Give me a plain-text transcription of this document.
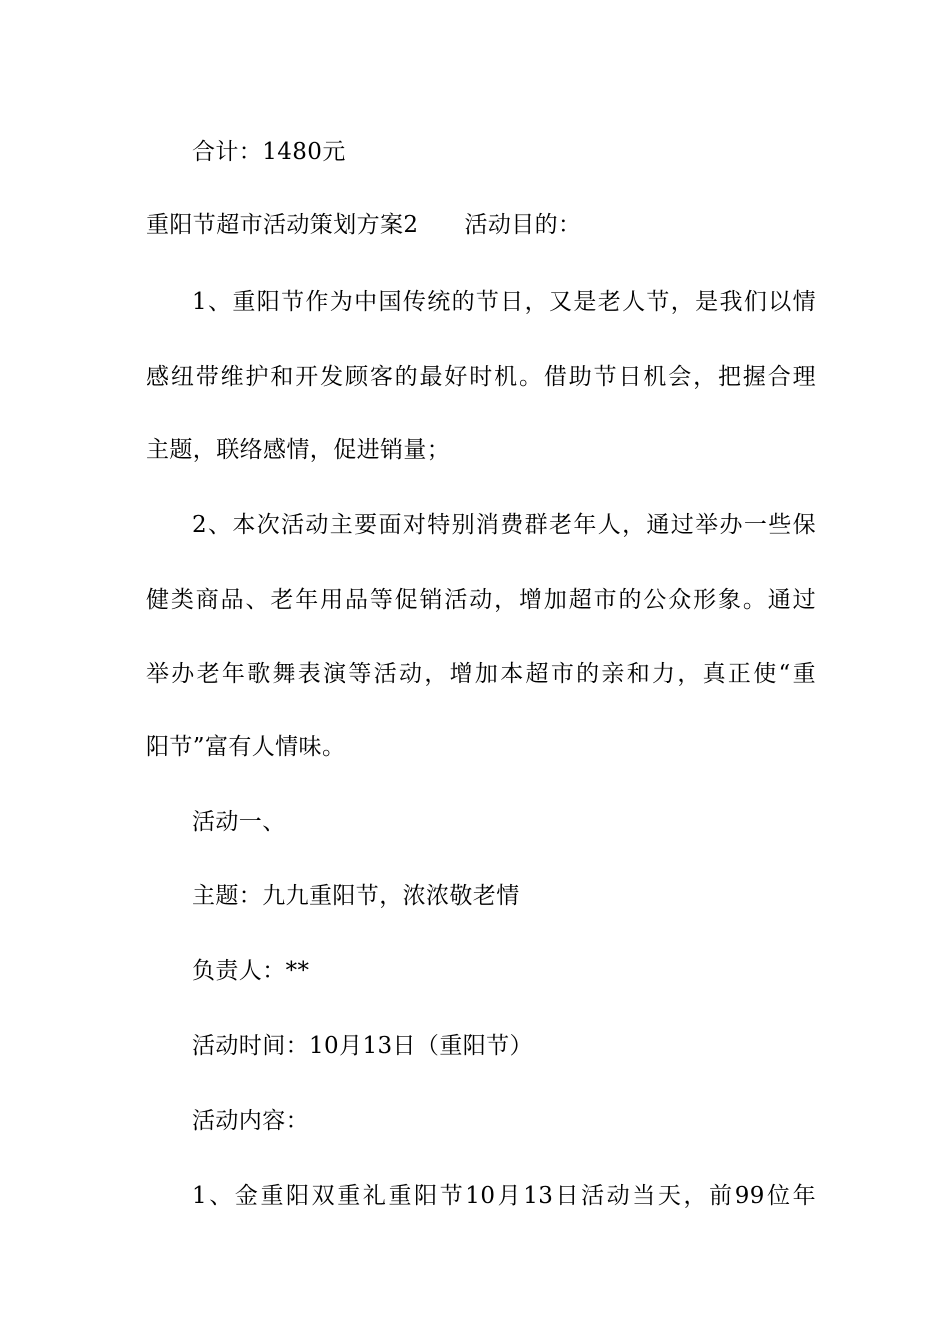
合计：1480元
重阳节超市活动策划方案2 活动目的：
1、重阳节作为中国传统的节日，又是老人节，是我们以情
感纽带维护和开发顾客的最好时机。借助节日机会，把握合理
主题，联络感情，促进销量；
2、本次活动主要面对特别消费群老年人，通过举办一些保
健类商品、老年用品等促销活动，增加超市的公众形象。通过
举办老年歌舞表演等活动，增加本超市的亲和力，真正使“重
阳节”富有人情味。
活动一、
主题：九九重阳节，浓浓敬老情
负责人：**
活动时间：10月13日（重阳节）
活动内容：
1、金重阳双重礼重阳节10月13日活动当天，前99位年
